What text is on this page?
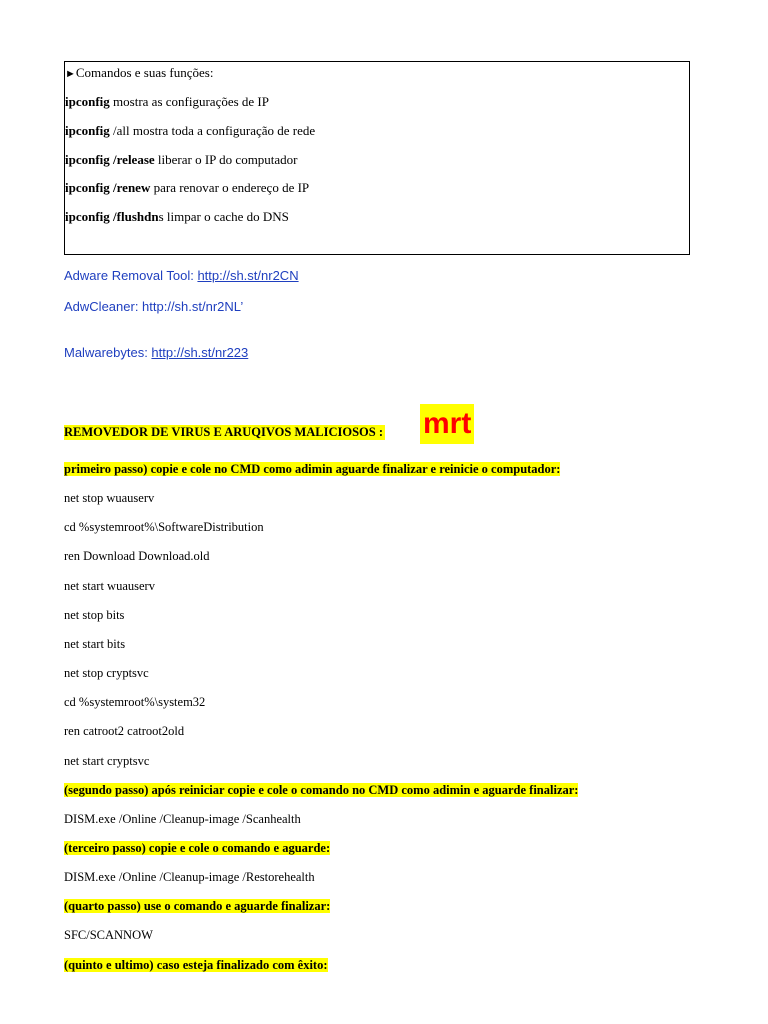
►Comandos e suas funções:
ipconfig mostra as configurações de IP
ipconfig /all mostra toda a configuração de rede
ipconfig /release liberar o IP do computador
ipconfig /renew para renovar o endereço de IP
ipconfig /flushdns limpar o cache do DNS
Adware Removal Tool: http://sh.st/nr2CN
AdwCleaner: http://sh.st/nr2NL’
Malwarebytes: http://sh.st/nr223
REMOVEDOR DE VIRUS E ARUQIVOS MALICIOSOS : mrt
primeiro passo) copie e cole no CMD como adimin aguarde finalizar e reinicie o computador:
net stop wuauserv
cd %systemroot%\SoftwareDistribution
ren Download Download.old
net start wuauserv
net stop bits
net start bits
net stop cryptsvc
cd %systemroot%\system32
ren catroot2 catroot2old
net start cryptsvc
(segundo passo) após reiniciar copie e cole o comando no CMD como adimin e aguarde finalizar:
DISM.exe /Online /Cleanup-image /Scanhealth
(terceiro passo) copie e cole o comando e aguarde:
DISM.exe /Online /Cleanup-image /Restorehealth
(quarto passo) use o comando e aguarde finalizar:
SFC/SCANNOW
(quinto e ultimo) caso esteja finalizado com êxito:
